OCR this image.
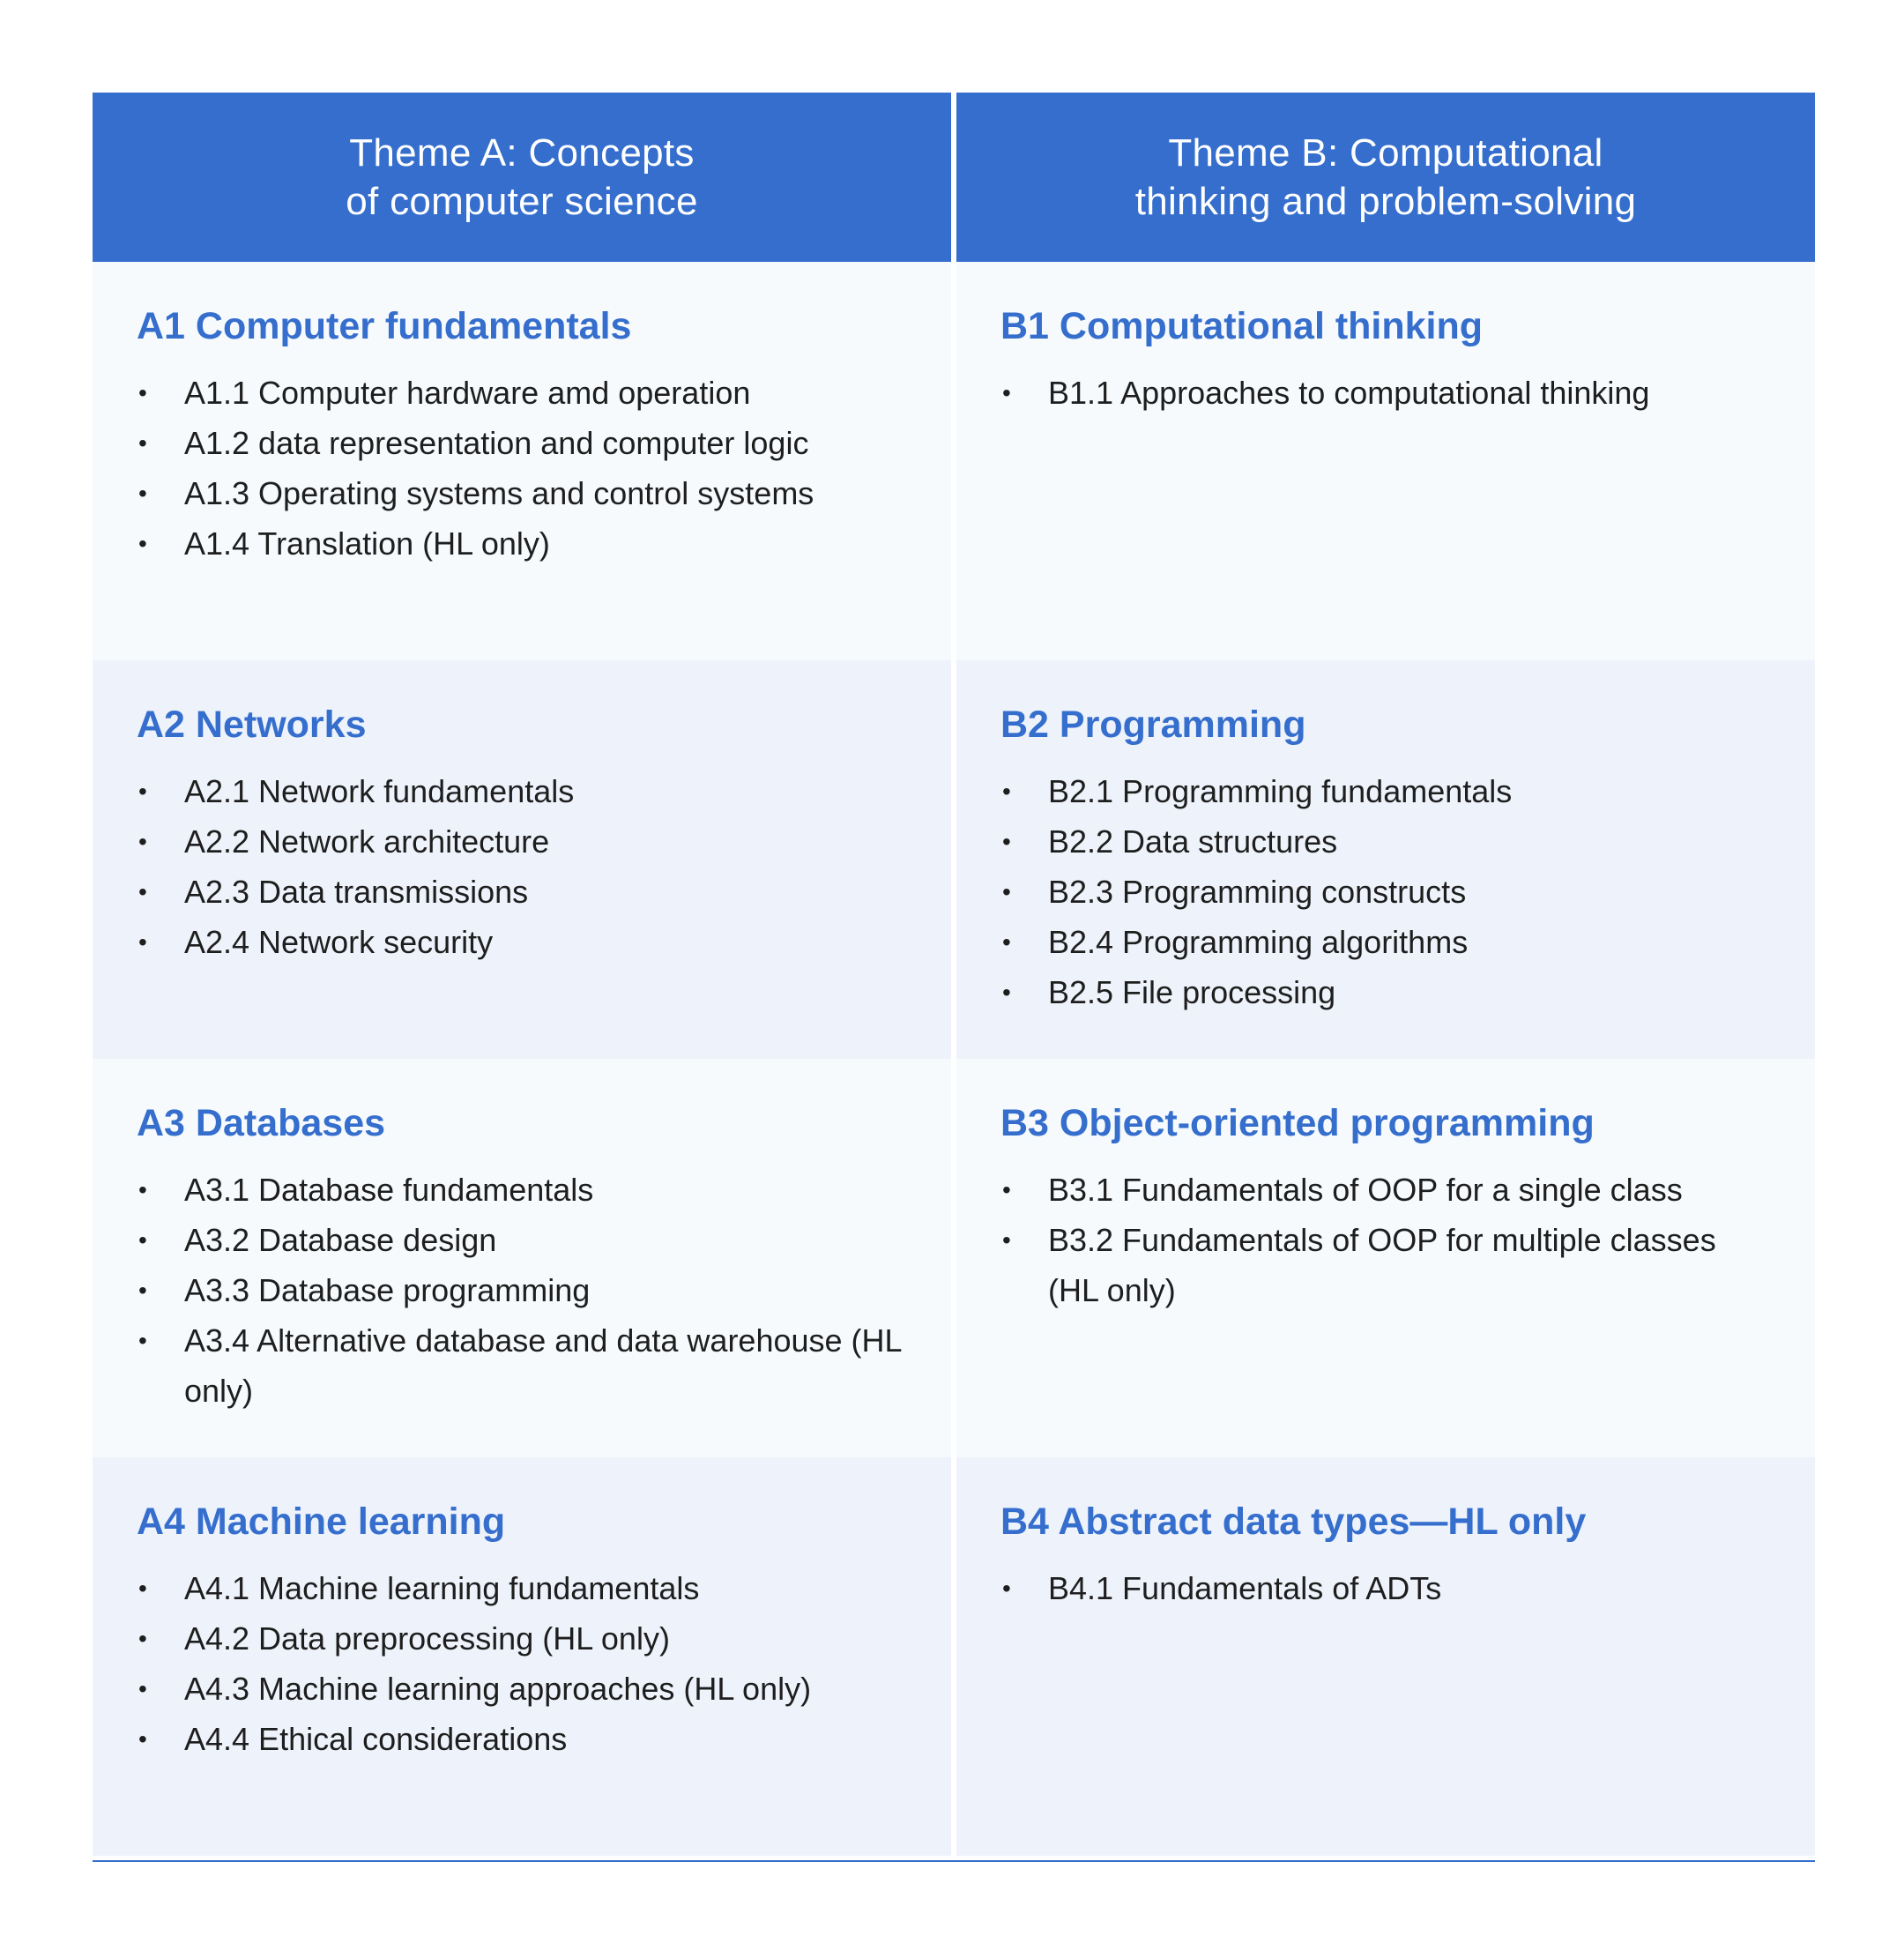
Theme A: Concepts
of computer science
Theme B: Computational
thinking and problem-solving
A1 Computer fundamentals
• A1.1 Computer hardware amd operation
• A1.2 data representation and computer logic
• A1.3 Operating systems and control systems
• A1.4 Translation (HL only)
B1 Computational thinking
• B1.1 Approaches to computational thinking
A2 Networks
• A2.1 Network fundamentals
• A2.2 Network architecture
• A2.3 Data transmissions
• A2.4 Network security
B2 Programming
• B2.1 Programming fundamentals
• B2.2 Data structures
• B2.3 Programming constructs
• B2.4 Programming algorithms
• B2.5 File processing
A3 Databases
• A3.1 Database fundamentals
• A3.2 Database design
• A3.3 Database programming
• A3.4 Alternative database and data warehouse (HL only)
B3 Object-oriented programming
• B3.1 Fundamentals of OOP for a single class
• B3.2 Fundamentals of OOP for multiple classes (HL only)
A4 Machine learning
• A4.1 Machine learning fundamentals
• A4.2 Data preprocessing (HL only)
• A4.3 Machine learning approaches (HL only)
• A4.4 Ethical considerations
B4 Abstract data types—HL only
• B4.1 Fundamentals of ADTs
